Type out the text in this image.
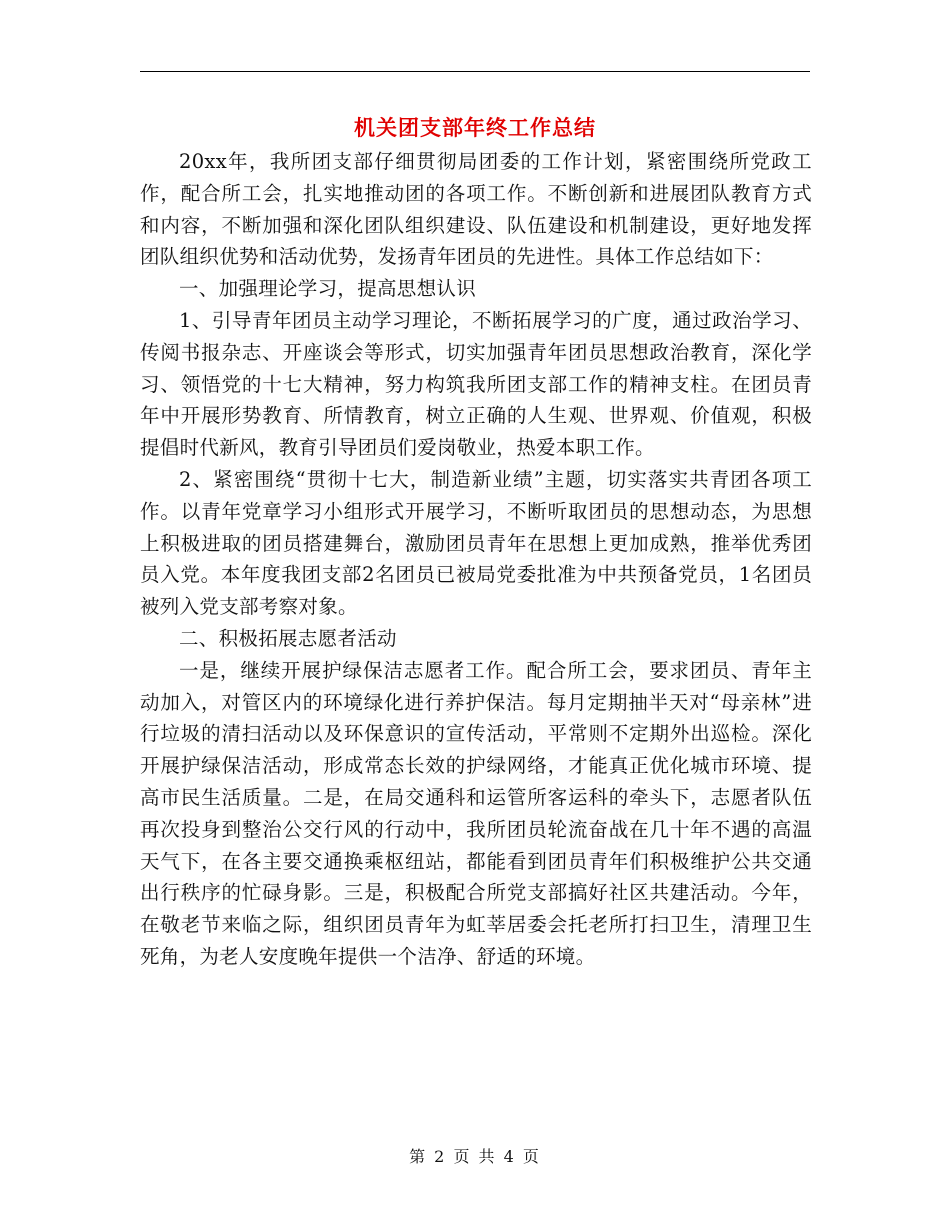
机关团支部年终工作总结

20xx年，我所团支部仔细贯彻局团委的工作计划，紧密围绕所党政工作，配合所工会，扎实地推动团的各项工作。不断创新和进展团队教育方式和内容，不断加强和深化团队组织建设、队伍建设和机制建设，更好地发挥团队组织优势和活动优势，发扬青年团员的先进性。具体工作总结如下：

一、加强理论学习，提高思想认识

1、引导青年团员主动学习理论，不断拓展学习的广度，通过政治学习、传阅书报杂志、开座谈会等形式，切实加强青年团员思想政治教育，深化学习、领悟党的十七大精神，努力构筑我所团支部工作的精神支柱。在团员青年中开展形势教育、所情教育，树立正确的人生观、世界观、价值观，积极提倡时代新风，教育引导团员们爱岗敬业，热爱本职工作。

2、紧密围绕“贯彻十七大，制造新业绩”主题，切实落实共青团各项工作。以青年党章学习小组形式开展学习，不断听取团员的思想动态，为思想上积极进取的团员搭建舞台，激励团员青年在思想上更加成熟，推举优秀团员入党。本年度我团支部2名团员已被局党委批准为中共预备党员，1名团员被列入党支部考察对象。

二、积极拓展志愿者活动

一是，继续开展护绿保洁志愿者工作。配合所工会，要求团员、青年主动加入，对管区内的环境绿化进行养护保洁。每月定期抽半天对“母亲林”进行垃圾的清扫活动以及环保意识的宣传活动，平常则不定期外出巡检。深化开展护绿保洁活动，形成常态长效的护绿网络，才能真正优化城市环境、提高市民生活质量。二是，在局交通科和运管所客运科的牵头下，志愿者队伍再次投身到整治公交行风的行动中，我所团员轮流奋战在几十年不遇的高温天气下，在各主要交通换乘枢纽站，都能看到团员青年们积极维护公共交通出行秩序的忙碌身影。三是，积极配合所党支部搞好社区共建活动。今年，在敬老节来临之际，组织团员青年为虹莘居委会托老所打扫卫生，清理卫生死角，为老人安度晚年提供一个洁净、舒适的环境。

第 2 页 共 4 页
